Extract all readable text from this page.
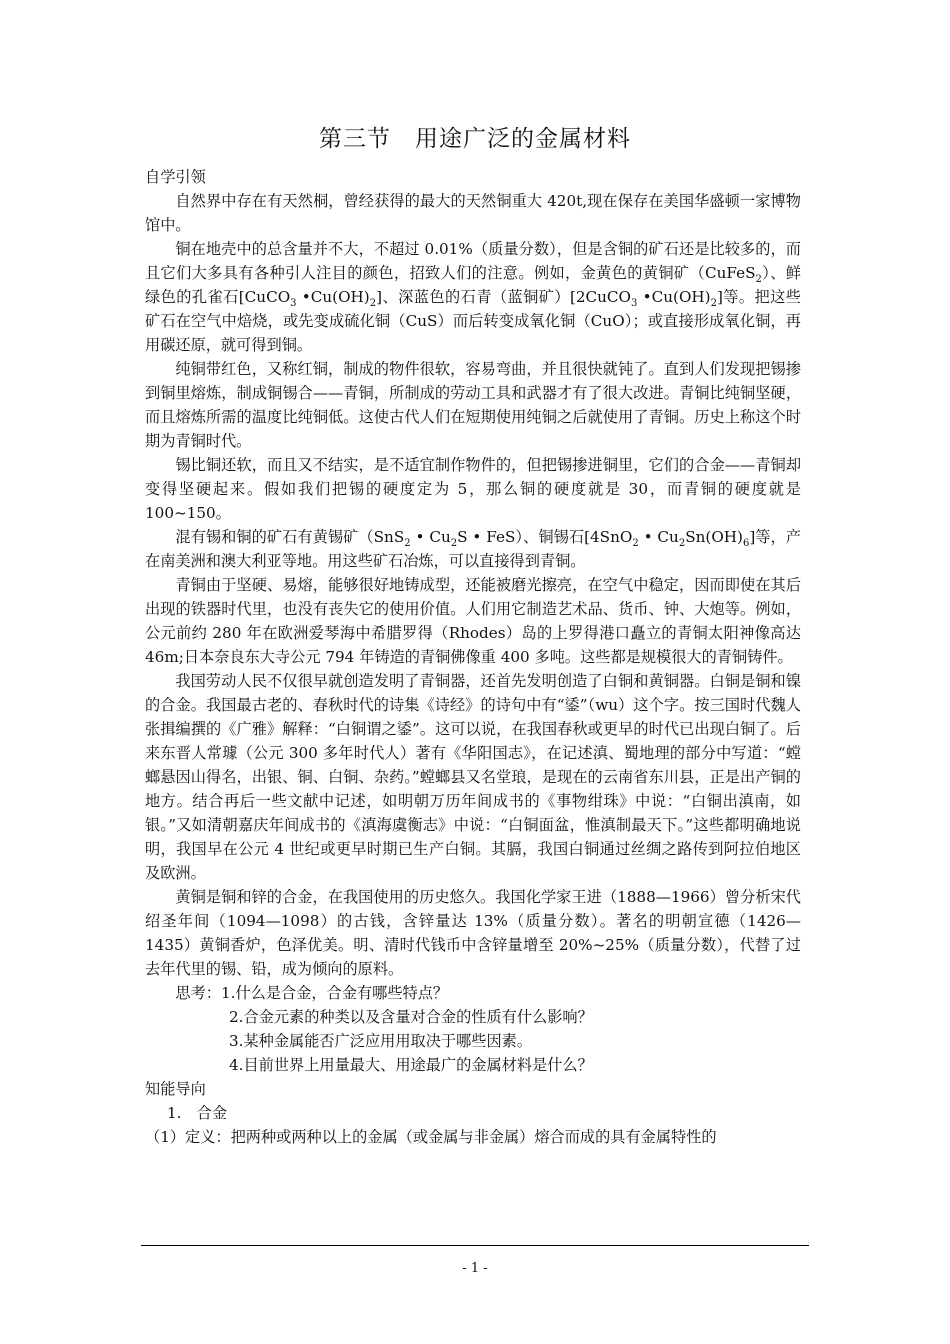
第三节　用途广泛的金属材料

自学引领

自然界中存在有天然桐，曾经获得的最大的天然铜重大 420t,现在保存在美国华盛顿一家博物馆中。

铜在地壳中的总含量并不大，不超过 0.01%（质量分数），但是含铜的矿石还是比较多的，而且它们大多具有各种引人注目的颜色，招致人们的注意。例如，金黄色的黄铜矿（CuFeS$_2$）、鲜绿色的孔雀石[CuCO$_3$ $•Cu(OH)_2$]、深蓝色的石青（蓝铜矿）[2CuCO$_3$ $•Cu(OH)_2$]等。把这些矿石在空气中焙烧，或先变成硫化铜（CuS）而后转变成氧化铜（CuO）；或直接形成氧化铜，再用碳还原，就可得到铜。

纯铜带红色，又称红铜，制成的物件很软，容易弯曲，并且很快就钝了。直到人们发现把锡掺到铜里熔炼，制成铜锡合——青铜，所制成的劳动工具和武器才有了很大改进。青铜比纯铜坚硬，而且熔炼所需的温度比纯铜低。这使古代人们在短期使用纯铜之后就使用了青铜。历史上称这个时期为青铜时代。

锡比铜还软，而且又不结实，是不适宜制作物件的，但把锡掺进铜里，它们的合金——青铜却变得坚硬起来。假如我们把锡的硬度定为 5，那么铜的硬度就是 30，而青铜的硬度就是 100~150。

混有锡和铜的矿石有黄锡矿（SnS$_2$ • $Cu_2S$ • FeS）、铜锡石[4SnO$_2$ • $Cu_2Sn(OH)_6$]等，产在南美洲和澳大利亚等地。用这些矿石冶炼，可以直接得到青铜。

青铜由于坚硬、易熔，能够很好地铸成型，还能被磨光擦亮，在空气中稳定，因而即使在其后出现的铁器时代里，也没有丧失它的使用价值。人们用它制造艺术品、货币、钟、大炮等。例如，公元前约 280 年在欧洲爱琴海中希腊罗得（Rhodes）岛的上罗得港口矗立的青铜太阳神像高达 46m;日本奈良东大寺公元 794 年铸造的青铜佛像重 400 多吨。这些都是规模很大的青铜铸件。

我国劳动人民不仅很早就创造发明了青铜器，还首先发明创造了白铜和黄铜器。白铜是铜和镍的合金。我国最古老的、春秋时代的诗集《诗经》的诗句中有“鋈”（wu）这个字。按三国时代魏人张揖编撰的《广雅》解释：“白铜谓之鋈”。这可以说，在我国春秋或更早的时代已出现白铜了。后来东晋人常璩（公元 300 多年时代人）著有《华阳国志》，在记述滇、蜀地理的部分中写道：“螳螂悬因山得名，出银、铜、白铜、杂药。”螳螂县又名堂琅，是现在的云南省东川县，正是出产铜的地方。结合再后一些文献中记述，如明朝万历年间成书的《事物绀珠》中说：“白铜出滇南，如银。”又如清朝嘉庆年间成书的《滇海虞衡志》中说：“白铜面盆，惟滇制最天下。”这些都明确地说明，我国早在公元 4 世纪或更早时期已生产白铜。其膈，我国白铜通过丝绸之路传到阿拉伯地区及欧洲。

黄铜是铜和锌的合金，在我国使用的历史悠久。我国化学家王进（1888—1966）曾分析宋代绍圣年间（1094—1098）的古钱，含锌量达 13%（质量分数）。著名的明朝宣德（1426—1435）黄铜香炉，色泽优美。明、清时代钱币中含锌量增至 20%~25%（质量分数），代替了过去年代里的锡、铅，成为倾向的原料。

思考：1.什么是合金，合金有哪些特点？

2.合金元素的种类以及含量对合金的性质有什么影响？

3.某种金属能否广泛应用用取决于哪些因素。

4.目前世界上用量最大、用途最广的金属材料是什么？

知能导向

1.　合金

（1）定义：把两种或两种以上的金属（或金属与非金属）熔合而成的具有金属特性的

- 1 -
